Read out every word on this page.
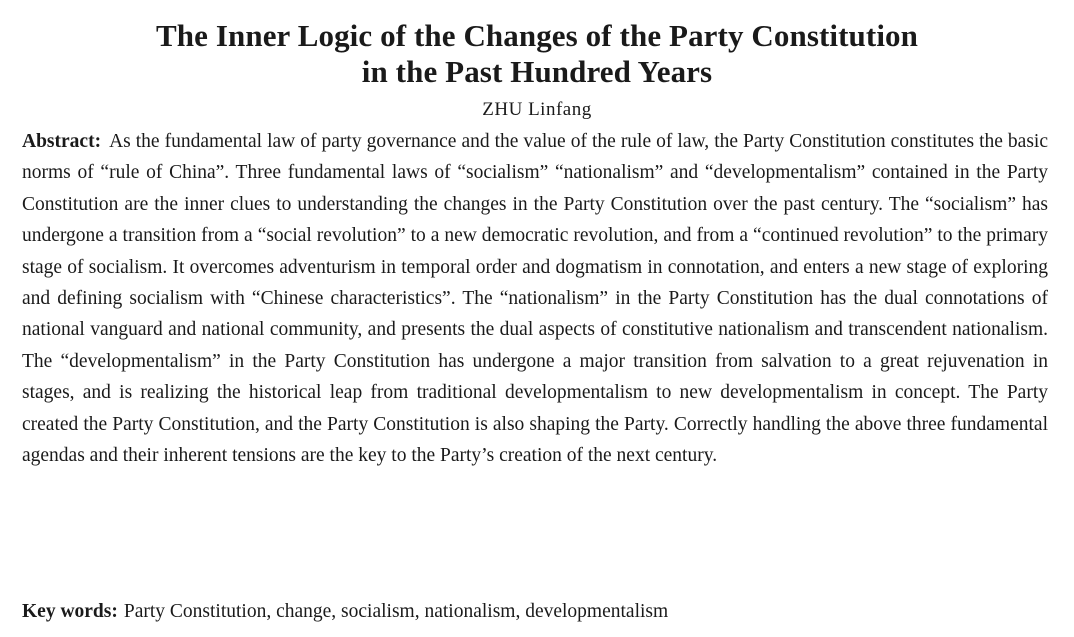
The Inner Logic of the Changes of the Party Constitution
in the Past Hundred Years
ZHU Linfang

Abstract: As the fundamental law of party governance and the value of the rule of law, the Party Constitution constitutes the basic norms of “rule of China”. Three fundamental laws of “socialism” “nationalism” and “developmentalism” contained in the Party Constitution are the inner clues to understanding the changes in the Party Constitution over the past century. The “socialism” has undergone a transition from a “social revolution” to a new democratic revolution, and from a “continued revolution” to the primary stage of socialism. It overcomes adventurism in temporal order and dogmatism in connotation, and enters a new stage of exploring and defining socialism with “Chinese characteristics”. The “nationalism” in the Party Constitution has the dual connotations of national vanguard and national community, and presents the dual aspects of constitutive nationalism and transcendent nationalism. The “developmentalism” in the Party Constitution has undergone a major transition from salvation to a great rejuvenation in stages, and is realizing the historical leap from traditional developmentalism to new developmentalism in concept. The Party created the Party Constitution, and the Party Constitution is also shaping the Party. Correctly handling the above three fundamental agendas and their inherent tensions are the key to the Party’s creation of the next century.

Key words: Party Constitution, change, socialism, nationalism, developmentalism
